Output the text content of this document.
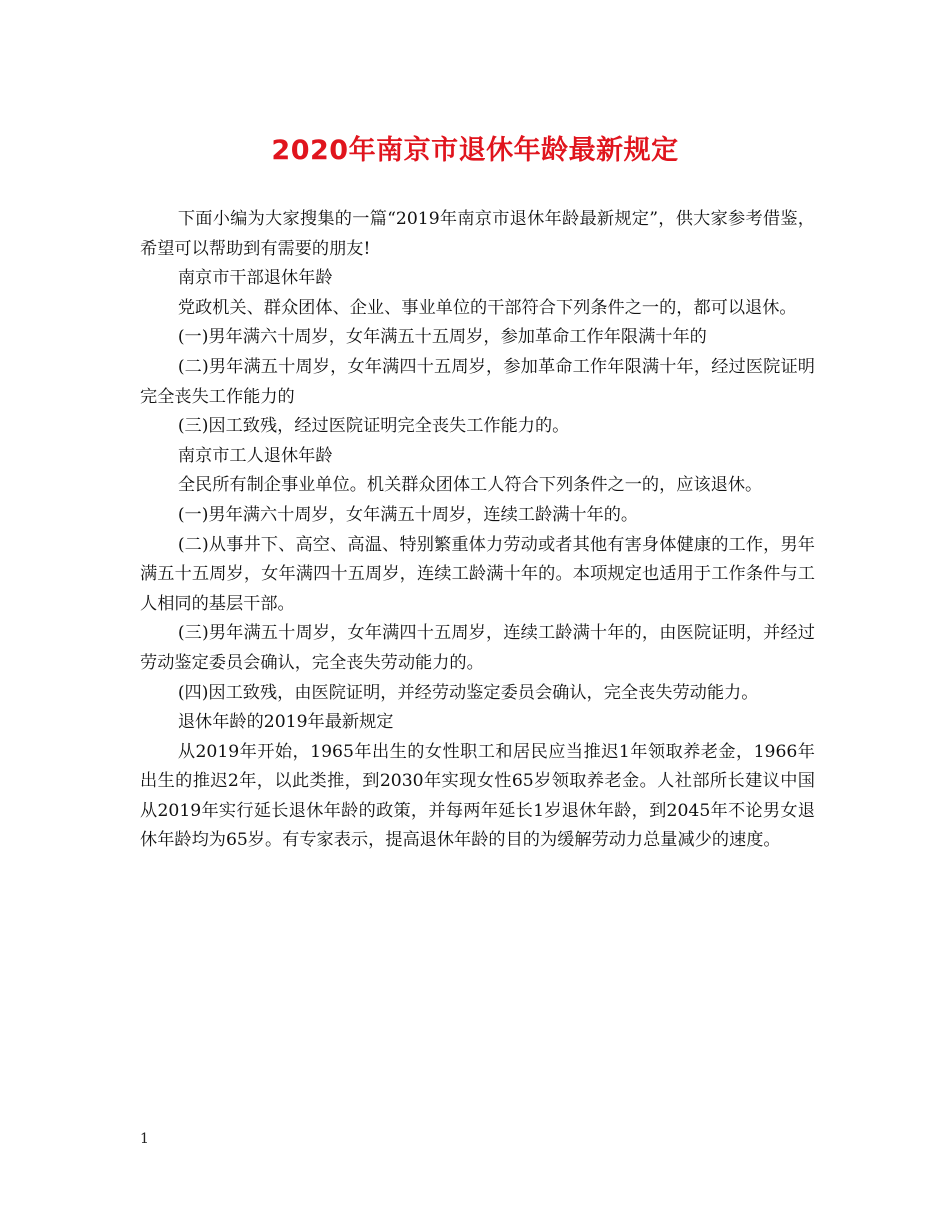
2020年南京市退休年龄最新规定

下面小编为大家搜集的一篇“2019年南京市退休年龄最新规定”，供大家参考借鉴，希望可以帮助到有需要的朋友!

南京市干部退休年龄

党政机关、群众团体、企业、事业单位的干部符合下列条件之一的，都可以退休。

(一)男年满六十周岁，女年满五十五周岁，参加革命工作年限满十年的

(二)男年满五十周岁，女年满四十五周岁，参加革命工作年限满十年，经过医院证明完全丧失工作能力的

(三)因工致残，经过医院证明完全丧失工作能力的。

南京市工人退休年龄

全民所有制企事业单位。机关群众团体工人符合下列条件之一的，应该退休。

(一)男年满六十周岁，女年满五十周岁，连续工龄满十年的。

(二)从事井下、高空、高温、特别繁重体力劳动或者其他有害身体健康的工作，男年满五十五周岁，女年满四十五周岁，连续工龄满十年的。本项规定也适用于工作条件与工人相同的基层干部。

(三)男年满五十周岁，女年满四十五周岁，连续工龄满十年的，由医院证明，并经过劳动鉴定委员会确认，完全丧失劳动能力的。

(四)因工致残，由医院证明，并经劳动鉴定委员会确认，完全丧失劳动能力。

退休年龄的2019年最新规定

从2019年开始，1965年出生的女性职工和居民应当推迟1年领取养老金，1966年出生的推迟2年，以此类推，到2030年实现女性65岁领取养老金。人社部所长建议中国从2019年实行延长退休年龄的政策，并每两年延长1岁退休年龄，到2045年不论男女退休年龄均为65岁。有专家表示，提高退休年龄的目的为缓解劳动力总量减少的速度。

1
